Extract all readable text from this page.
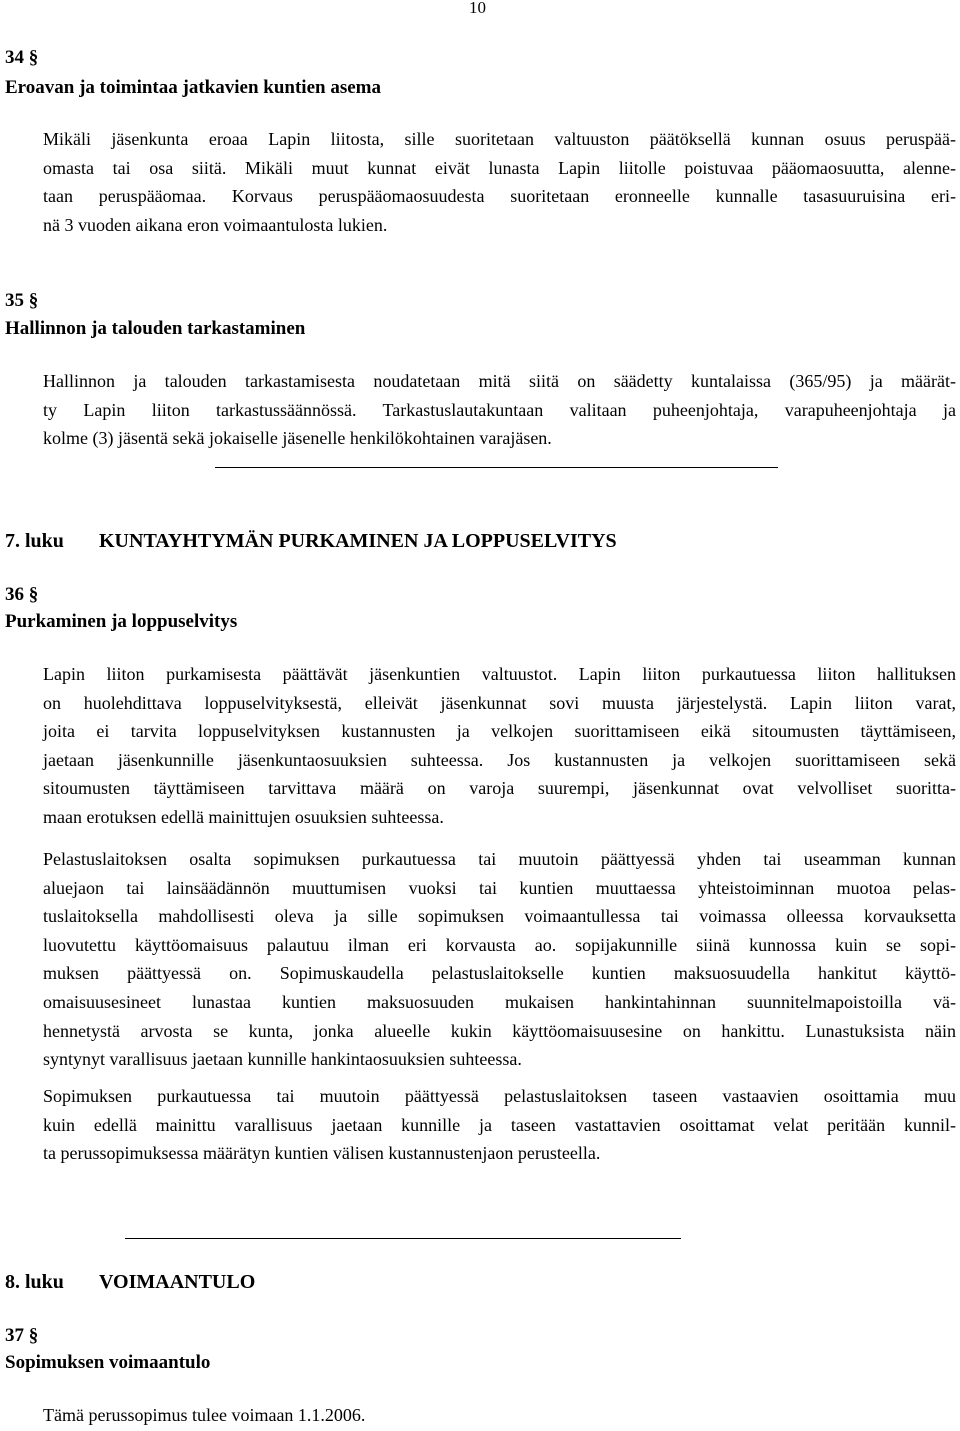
10
34 §
Eroavan ja toimintaa jatkavien kuntien asema
Mikäli jäsenkunta eroaa Lapin liitosta, sille suoritetaan valtuuston päätöksellä kunnan osuus peruspää-
omasta tai osa siitä. Mikäli muut kunnat eivät lunasta Lapin liitolle poistuvaa pääomaosuutta, alenne-
taan peruspääomaa. Korvaus peruspääomaosuudesta suoritetaan eronneelle kunnalle tasasuuruisina eri-
nä 3 vuoden aikana eron voimaantulosta lukien.
35 §
Hallinnon ja talouden tarkastaminen
Hallinnon ja talouden tarkastamisesta noudatetaan mitä siitä on säädetty kuntalaissa (365/95) ja määrät-
ty Lapin liiton tarkastussäännössä. Tarkastuslautakuntaan valitaan puheenjohtaja, varapuheenjohtaja ja
kolme (3) jäsentä sekä jokaiselle jäsenelle henkilökohtainen varajäsen.
7. luku KUNTAYHTYMÄN PURKAMINEN JA LOPPUSELVITYS
36 §
Purkaminen ja loppuselvitys
Lapin liiton purkamisesta päättävät jäsenkuntien valtuustot. Lapin liiton purkautuessa liiton hallituksen
on huolehdittava loppuselvityksestä, elleivät jäsenkunnat sovi muusta järjestelystä. Lapin liiton varat,
joita ei tarvita loppuselvityksen kustannusten ja velkojen suorittamiseen eikä sitoumusten täyttämiseen,
jaetaan jäsenkunnille jäsenkuntaosuuksien suhteessa. Jos kustannusten ja velkojen suorittamiseen sekä
sitoumusten täyttämiseen tarvittava määrä on varoja suurempi, jäsenkunnat ovat velvolliset suoritta-
maan erotuksen edellä mainittujen osuuksien suhteessa.
Pelastuslaitoksen osalta sopimuksen purkautuessa tai muutoin päättyessä yhden tai useamman kunnan
aluejaon tai lainsäädännön muuttumisen vuoksi tai kuntien muuttaessa yhteistoiminnan muotoa pelas-
tuslaitoksella mahdollisesti oleva ja sille sopimuksen voimaantullessa tai voimassa olleessa korvauksetta
luovutettu käyttöomaisuus palautuu ilman eri korvausta ao. sopijakunnille siinä kunnossa kuin se sopi-
muksen päättyessä on. Sopimuskaudella pelastuslaitokselle kuntien maksuosuudella hankitut käyttö-
omaisuusesineet lunastaa kuntien maksuosuuden mukaisen hankintahinnan suunnitelmapoistoilla vä-
hennetystä arvosta se kunta, jonka alueelle kukin käyttöomaisuusesine on hankittu. Lunastuksista näin
syntynyt varallisuus jaetaan kunnille hankintaosuuksien suhteessa.
Sopimuksen purkautuessa tai muutoin päättyessä pelastuslaitoksen taseen vastaavien osoittamia muu
kuin edellä mainittu varallisuus jaetaan kunnille ja taseen vastattavien osoittamat velat peritään kunnil-
ta perussopimuksessa määrätyn kuntien välisen kustannustenjaon perusteella.
8. luku VOIMAANTULO
37 §
Sopimuksen voimaantulo
Tämä perussopimus tulee voimaan 1.1.2006.
